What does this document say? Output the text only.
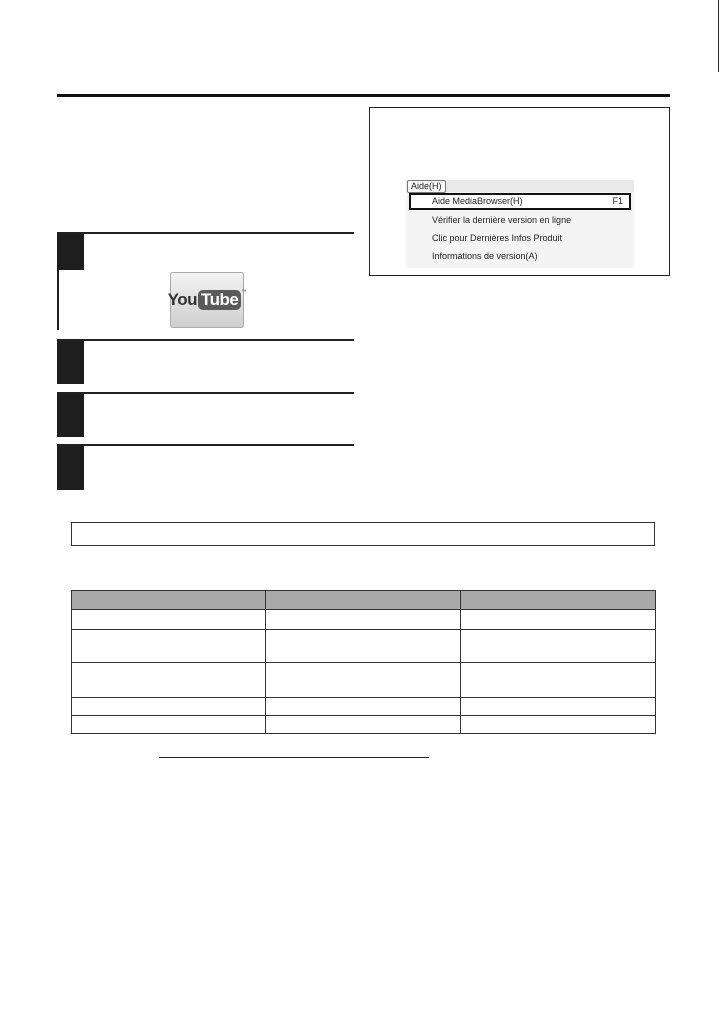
You Tube ™
Aide(H)
Aide MediaBrowser(H)	F1
Vérifier la dernière version en ligne
Clic pour Dernières Infos Produit
Informations de version(A)
